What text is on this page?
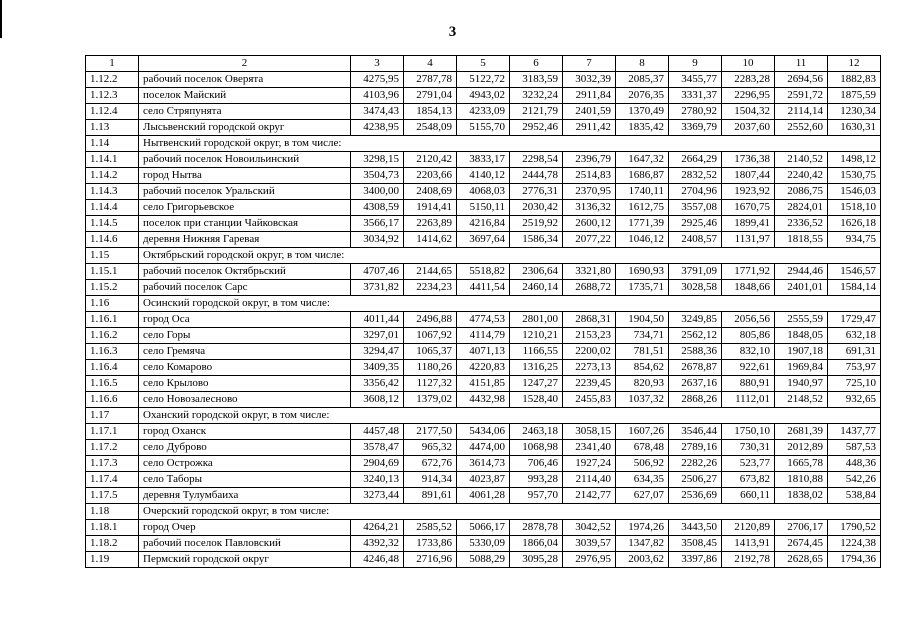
3
1	2	3	4	5	6	7	8	9	10	11	12
1.12.2	рабочий поселок Оверята	4275,95	2787,78	5122,72	3183,59	3032,39	2085,37	3455,77	2283,28	2694,56	1882,83
1.12.3	поселок Майский	4103,96	2791,04	4943,02	3232,24	2911,84	2076,35	3331,37	2296,95	2591,72	1875,59
1.12.4	село Стряпунята	3474,43	1854,13	4233,09	2121,79	2401,59	1370,49	2780,92	1504,32	2114,14	1230,34
1.13	Лысьвенский городской округ	4238,95	2548,09	5155,70	2952,46	2911,42	1835,42	3369,79	2037,60	2552,60	1630,31
1.14	Нытвенский городской округ, в том числе:										
1.14.1	рабочий поселок Новоильинский	3298,15	2120,42	3833,17	2298,54	2396,79	1647,32	2664,29	1736,38	2140,52	1498,12
1.14.2	город Нытва	3504,73	2203,66	4140,12	2444,78	2514,83	1686,87	2832,52	1807,44	2240,42	1530,75
1.14.3	рабочий поселок Уральский	3400,00	2408,69	4068,03	2776,31	2370,95	1740,11	2704,96	1923,92	2086,75	1546,03
1.14.4	село Григорьевское	4308,59	1914,41	5150,11	2030,42	3136,32	1612,75	3557,08	1670,75	2824,01	1518,10
1.14.5	поселок при станции Чайковская	3566,17	2263,89	4216,84	2519,92	2600,12	1771,39	2925,46	1899,41	2336,52	1626,18
1.14.6	деревня Нижняя Гаревая	3034,92	1414,62	3697,64	1586,34	2077,22	1046,12	2408,57	1131,97	1818,55	934,75
1.15	Октябрьский городской округ, в том числе:										
1.15.1	рабочий поселок Октябрьский	4707,46	2144,65	5518,82	2306,64	3321,80	1690,93	3791,09	1771,92	2944,46	1546,57
1.15.2	рабочий поселок Сарс	3731,82	2234,23	4411,54	2460,14	2688,72	1735,71	3028,58	1848,66	2401,01	1584,14
1.16	Осинский городской округ, в том числе:										
1.16.1	город Оса	4011,44	2496,88	4774,53	2801,00	2868,31	1904,50	3249,85	2056,56	2555,59	1729,47
1.16.2	село Горы	3297,01	1067,92	4114,79	1210,21	2153,23	734,71	2562,12	805,86	1848,05	632,18
1.16.3	село Гремяча	3294,47	1065,37	4071,13	1166,55	2200,02	781,51	2588,36	832,10	1907,18	691,31
1.16.4	село Комарово	3409,35	1180,26	4220,83	1316,25	2273,13	854,62	2678,87	922,61	1969,84	753,97
1.16.5	село Крылово	3356,42	1127,32	4151,85	1247,27	2239,45	820,93	2637,16	880,91	1940,97	725,10
1.16.6	село Новозалесново	3608,12	1379,02	4432,98	1528,40	2455,83	1037,32	2868,26	1112,01	2148,52	932,65
1.17	Оханский городской округ, в том числе:										
1.17.1	город Оханск	4457,48	2177,50	5434,06	2463,18	3058,15	1607,26	3546,44	1750,10	2681,39	1437,77
1.17.2	село Дуброво	3578,47	965,32	4474,00	1068,98	2341,40	678,48	2789,16	730,31	2012,89	587,53
1.17.3	село Острожка	2904,69	672,76	3614,73	706,46	1927,24	506,92	2282,26	523,77	1665,78	448,36
1.17.4	село Таборы	3240,13	914,34	4023,87	993,28	2114,40	634,35	2506,27	673,82	1810,88	542,26
1.17.5	деревня Тулумбаиха	3273,44	891,61	4061,28	957,70	2142,77	627,07	2536,69	660,11	1838,02	538,84
1.18	Очерский городской округ, в том числе:										
1.18.1	город Очер	4264,21	2585,52	5066,17	2878,78	3042,52	1974,26	3443,50	2120,89	2706,17	1790,52
1.18.2	рабочий поселок Павловский	4392,32	1733,86	5330,09	1866,04	3039,57	1347,82	3508,45	1413,91	2674,45	1224,38
1.19	Пермский городской округ	4246,48	2716,96	5088,29	3095,28	2976,95	2003,62	3397,86	2192,78	2628,65	1794,36
